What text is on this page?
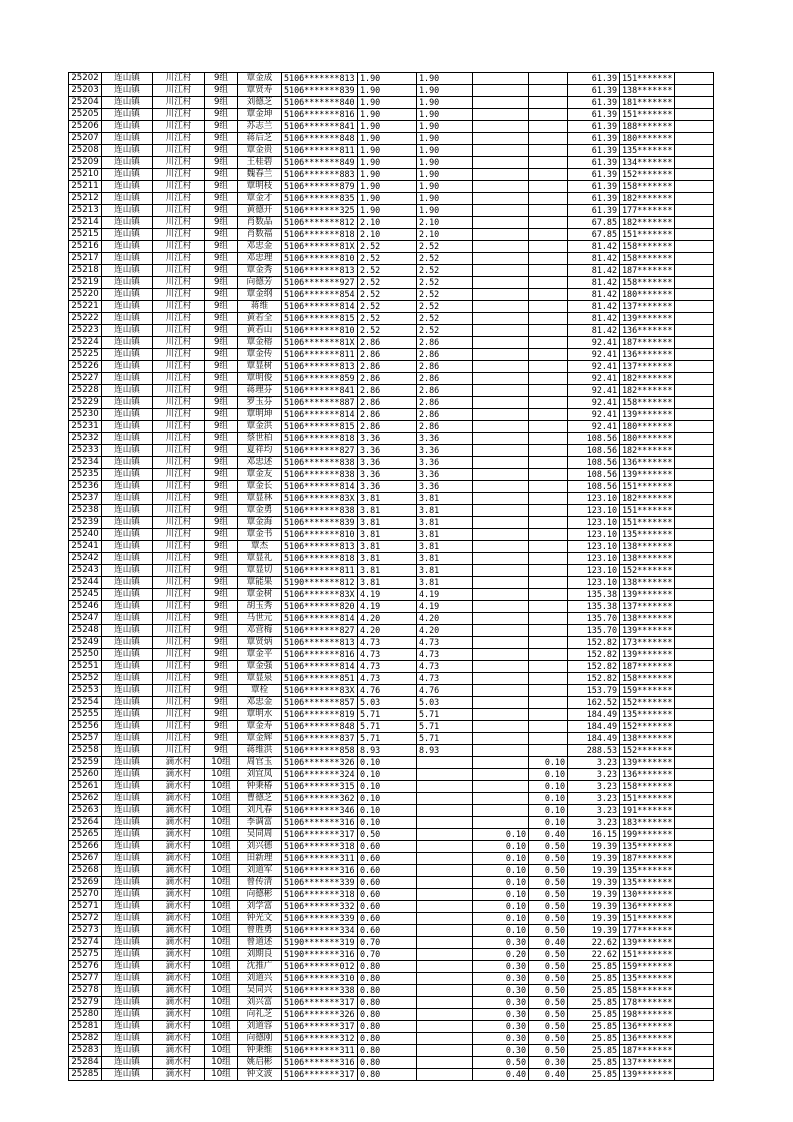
25202	连山镇	川江村	9组	覃金成	5106*******813	1.90	1.90			61.39	151*******	
25203	连山镇	川江村	9组	覃贤寿	5106*******839	1.90	1.90			61.39	138*******	
25204	连山镇	川江村	9组	刘德芝	5106*******840	1.90	1.90			61.39	181*******	
25205	连山镇	川江村	9组	覃金坤	5106*******816	1.90	1.90			61.39	151*******	
25206	连山镇	川江村	9组	苏志兰	5106*******841	1.90	1.90			61.39	188*******	
25207	连山镇	川江村	9组	蒋后芝	5106*******848	1.90	1.90			61.39	180*******	
25208	连山镇	川江村	9组	覃金贵	5106*******811	1.90	1.90			61.39	135*******	
25209	连山镇	川江村	9组	王桂碧	5106*******849	1.90	1.90			61.39	134*******	
25210	连山镇	川江村	9组	魏春兰	5106*******883	1.90	1.90			61.39	152*******	
25211	连山镇	川江村	9组	覃明枝	5106*******879	1.90	1.90			61.39	158*******	
25212	连山镇	川江村	9组	覃金才	5106*******835	1.90	1.90			61.39	182*******	
25213	连山镇	川江村	9组	黄德开	5106*******325	1.90	1.90			61.39	177*******	
25214	连山镇	川江村	9组	肖数品	5106*******812	2.10	2.10			67.85	182*******	
25215	连山镇	川江村	9组	肖数福	5106*******818	2.10	2.10			67.85	151*******	
25216	连山镇	川江村	9组	邓忠金	5106*******81X	2.52	2.52			81.42	158*******	
25217	连山镇	川江村	9组	邓忠理	5106*******810	2.52	2.52			81.42	158*******	
25218	连山镇	川江村	9组	覃金秀	5106*******813	2.52	2.52			81.42	187*******	
25219	连山镇	川江村	9组	向德芳	5106*******927	2.52	2.52			81.42	158*******	
25220	连山镇	川江村	9组	覃金纲	5106*******854	2.52	2.52			81.42	180*******	
25221	连山镇	川江村	9组	蒋维	5106*******814	2.52	2.52			81.42	137*******	
25222	连山镇	川江村	9组	黄若全	5106*******815	2.52	2.52			81.42	139*******	
25223	连山镇	川江村	9组	黄若山	5106*******810	2.52	2.52			81.42	136*******	
25224	连山镇	川江村	9组	覃金榕	5106*******81X	2.86	2.86			92.41	187*******	
25225	连山镇	川江村	9组	覃金传	5106*******811	2.86	2.86			92.41	136*******	
25226	连山镇	川江村	9组	覃显树	5106*******813	2.86	2.86			92.41	137*******	
25227	连山镇	川江村	9组	覃明俊	5106*******859	2.86	2.86			92.41	182*******	
25228	连山镇	川江村	9组	蒋理芬	5106*******841	2.86	2.86			92.41	182*******	
25229	连山镇	川江村	9组	罗玉芬	5106*******887	2.86	2.86			92.41	158*******	
25230	连山镇	川江村	9组	覃明坤	5106*******814	2.86	2.86			92.41	139*******	
25231	连山镇	川江村	9组	覃金洪	5106*******815	2.86	2.86			92.41	180*******	
25232	连山镇	川江村	9组	蔡世柏	5106*******818	3.36	3.36			108.56	180*******	
25233	连山镇	川江村	9组	夏祥均	5106*******827	3.36	3.36			108.56	182*******	
25234	连山镇	川江村	9组	邓忠述	5106*******838	3.36	3.36			108.56	136*******	
25235	连山镇	川江村	9组	覃金友	5106*******838	3.36	3.36			108.56	139*******	
25236	连山镇	川江村	9组	覃金长	5106*******814	3.36	3.36			108.56	151*******	
25237	连山镇	川江村	9组	覃显林	5106*******83X	3.81	3.81			123.10	182*******	
25238	连山镇	川江村	9组	覃金勇	5106*******838	3.81	3.81			123.10	151*******	
25239	连山镇	川江村	9组	覃金海	5106*******839	3.81	3.81			123.10	151*******	
25240	连山镇	川江村	9组	覃金书	5106*******810	3.81	3.81			123.10	135*******	
25241	连山镇	川江村	9组	覃杰	5106*******813	3.81	3.81			123.10	138*******	
25242	连山镇	川江村	9组	覃显礼	5106*******818	3.81	3.81			123.10	138*******	
25243	连山镇	川江村	9组	覃显切	5106*******811	3.81	3.81			123.10	152*******	
25244	连山镇	川江村	9组	覃能果	5190*******812	3.81	3.81			123.10	138*******	
25245	连山镇	川江村	9组	覃金树	5106*******83X	4.19	4.19			135.38	139*******	
25246	连山镇	川江村	9组	胡玉秀	5106*******820	4.19	4.19			135.38	137*******	
25247	连山镇	川江村	9组	马世元	5106*******814	4.20	4.20			135.70	138*******	
25248	连山镇	川江村	9组	邓营梅	5106*******827	4.20	4.20			135.70	139*******	
25249	连山镇	川江村	9组	覃贤炳	5106*******813	4.73	4.73			152.82	173*******	
25250	连山镇	川江村	9组	覃金平	5106*******816	4.73	4.73			152.82	139*******	
25251	连山镇	川江村	9组	覃金强	5106*******814	4.73	4.73			152.82	187*******	
25252	连山镇	川江村	9组	覃显泉	5106*******851	4.73	4.73			152.82	158*******	
25253	连山镇	川江村	9组	覃栓	5106*******83X	4.76	4.76			153.79	159*******	
25254	连山镇	川江村	9组	邓忠金	5106*******857	5.03	5.03			162.52	152*******	
25255	连山镇	川江村	9组	覃明水	5106*******819	5.71	5.71			184.49	135*******	
25256	连山镇	川江村	9组	覃金寿	5106*******848	5.71	5.71			184.49	152*******	
25257	连山镇	川江村	9组	覃金辉	5106*******837	5.71	5.71			184.49	138*******	
25258	连山镇	川江村	9组	蒋维洪	5106*******858	8.93	8.93			288.53	152*******	
25259	连山镇	滴水村	10组	周官玉	5106*******326	0.10			0.10	3.23	139*******	
25260	连山镇	滴水村	10组	刘宜凤	5106*******324	0.10			0.10	3.23	136*******	
25261	连山镇	滴水村	10组	钟秉椿	5106*******315	0.10			0.10	3.23	158*******	
25262	连山镇	滴水村	10组	曹德芝	5106*******362	0.10			0.10	3.23	151*******	
25263	连山镇	滴水村	10组	刘凡春	5106*******346	0.10			0.10	3.23	191*******	
25264	连山镇	滴水村	10组	李调富	5106*******316	0.10			0.10	3.23	183*******	
25265	连山镇	滴水村	10组	吴同周	5106*******317	0.50		0.10	0.40	16.15	199*******	
25266	连山镇	滴水村	10组	刘兴德	5106*******318	0.60		0.10	0.50	19.39	135*******	
25267	连山镇	滴水村	10组	田新理	5106*******311	0.60		0.10	0.50	19.39	187*******	
25268	连山镇	滴水村	10组	刘道军	5106*******316	0.60		0.10	0.50	19.39	135*******	
25269	连山镇	滴水村	10组	曾传清	5106*******339	0.60		0.10	0.50	19.39	135*******	
25270	连山镇	滴水村	10组	向德彬	5106*******318	0.60		0.10	0.50	19.39	130*******	
25271	连山镇	滴水村	10组	刘学富	5106*******332	0.60		0.10	0.50	19.39	136*******	
25272	连山镇	滴水村	10组	钟光文	5106*******339	0.60		0.10	0.50	19.39	151*******	
25273	连山镇	滴水村	10组	曾胜勇	5106*******334	0.60		0.10	0.50	19.39	177*******	
25274	连山镇	滴水村	10组	曾道述	5190*******319	0.70		0.30	0.40	22.62	139*******	
25275	连山镇	滴水村	10组	刘期良	5190*******316	0.70		0.20	0.50	22.62	151*******	
25276	连山镇	滴水村	10组	沈推广	5106*******012	0.80		0.30	0.50	25.85	159*******	
25277	连山镇	滴水村	10组	刘道兴	5106*******310	0.80		0.30	0.50	25.85	135*******	
25278	连山镇	滴水村	10组	吴同兴	5106*******338	0.80		0.30	0.50	25.85	158*******	
25279	连山镇	滴水村	10组	刘兴富	5106*******317	0.80		0.30	0.50	25.85	178*******	
25280	连山镇	滴水村	10组	向礼芝	5106*******326	0.80		0.30	0.50	25.85	198*******	
25281	连山镇	滴水村	10组	刘道容	5106*******317	0.80		0.30	0.50	25.85	136*******	
25282	连山镇	滴水村	10组	向德刚	5106*******312	0.80		0.30	0.50	25.85	136*******	
25283	连山镇	滴水村	10组	钟秉维	5106*******311	0.80		0.30	0.50	25.85	187*******	
25284	连山镇	滴水村	10组	姚启彬	5106*******316	0.80		0.50	0.30	25.85	137*******	
25285	连山镇	滴水村	10组	钟文波	5106*******317	0.80		0.40	0.40	25.85	139*******	
